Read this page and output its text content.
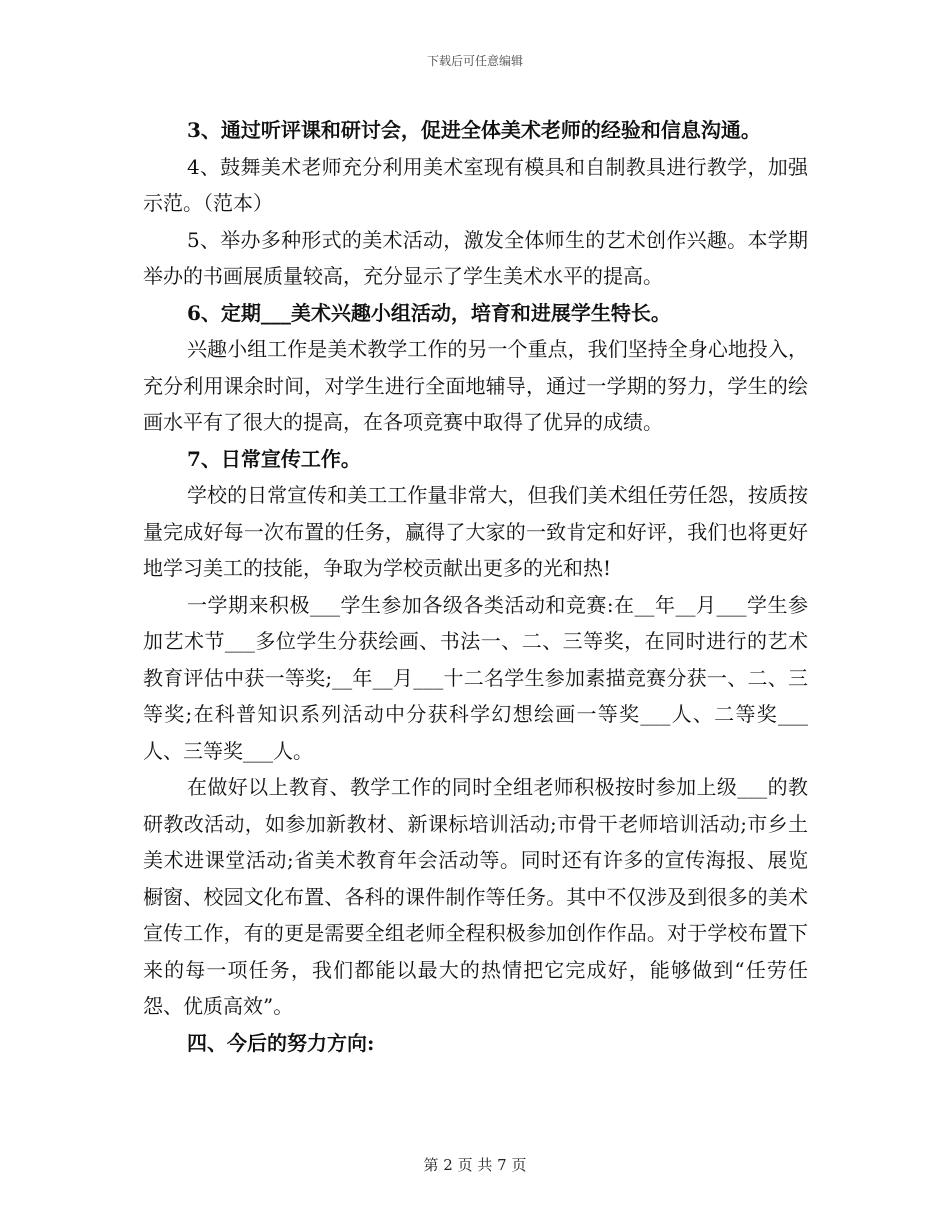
下载后可任意编辑

3、通过听评课和研讨会，促进全体美术老师的经验和信息沟通。

4、鼓舞美术老师充分利用美术室现有模具和自制教具进行教学，加强示范。（范本）

5、举办多种形式的美术活动，激发全体师生的艺术创作兴趣。本学期举办的书画展质量较高，充分显示了学生美术水平的提高。

6、定期___美术兴趣小组活动，培育和进展学生特长。

兴趣小组工作是美术教学工作的另一个重点，我们坚持全身心地投入，充分利用课余时间，对学生进行全面地辅导，通过一学期的努力，学生的绘画水平有了很大的提高，在各项竞赛中取得了优异的成绩。

7、日常宣传工作。

学校的日常宣传和美工工作量非常大，但我们美术组任劳任怨，按质按量完成好每一次布置的任务，赢得了大家的一致肯定和好评，我们也将更好地学习美工的技能，争取为学校贡献出更多的光和热!

一学期来积极___学生参加各级各类活动和竞赛:在__年__月___学生参加艺术节___多位学生分获绘画、书法一、二、三等奖，在同时进行的艺术教育评估中获一等奖;__年__月___十二名学生参加素描竞赛分获一、二、三等奖;在科普知识系列活动中分获科学幻想绘画一等奖___人、二等奖___人、三等奖___人。

在做好以上教育、教学工作的同时全组老师积极按时参加上级___的教研教改活动，如参加新教材、新课标培训活动;市骨干老师培训活动;市乡土美术进课堂活动;省美术教育年会活动等。同时还有许多的宣传海报、展览橱窗、校园文化布置、各科的课件制作等任务。其中不仅涉及到很多的美术宣传工作，有的更是需要全组老师全程积极参加创作作品。对于学校布置下来的每一项任务，我们都能以最大的热情把它完成好，能够做到“任劳任怨、优质高效”。

四、今后的努力方向:

第 2 页 共 7 页
